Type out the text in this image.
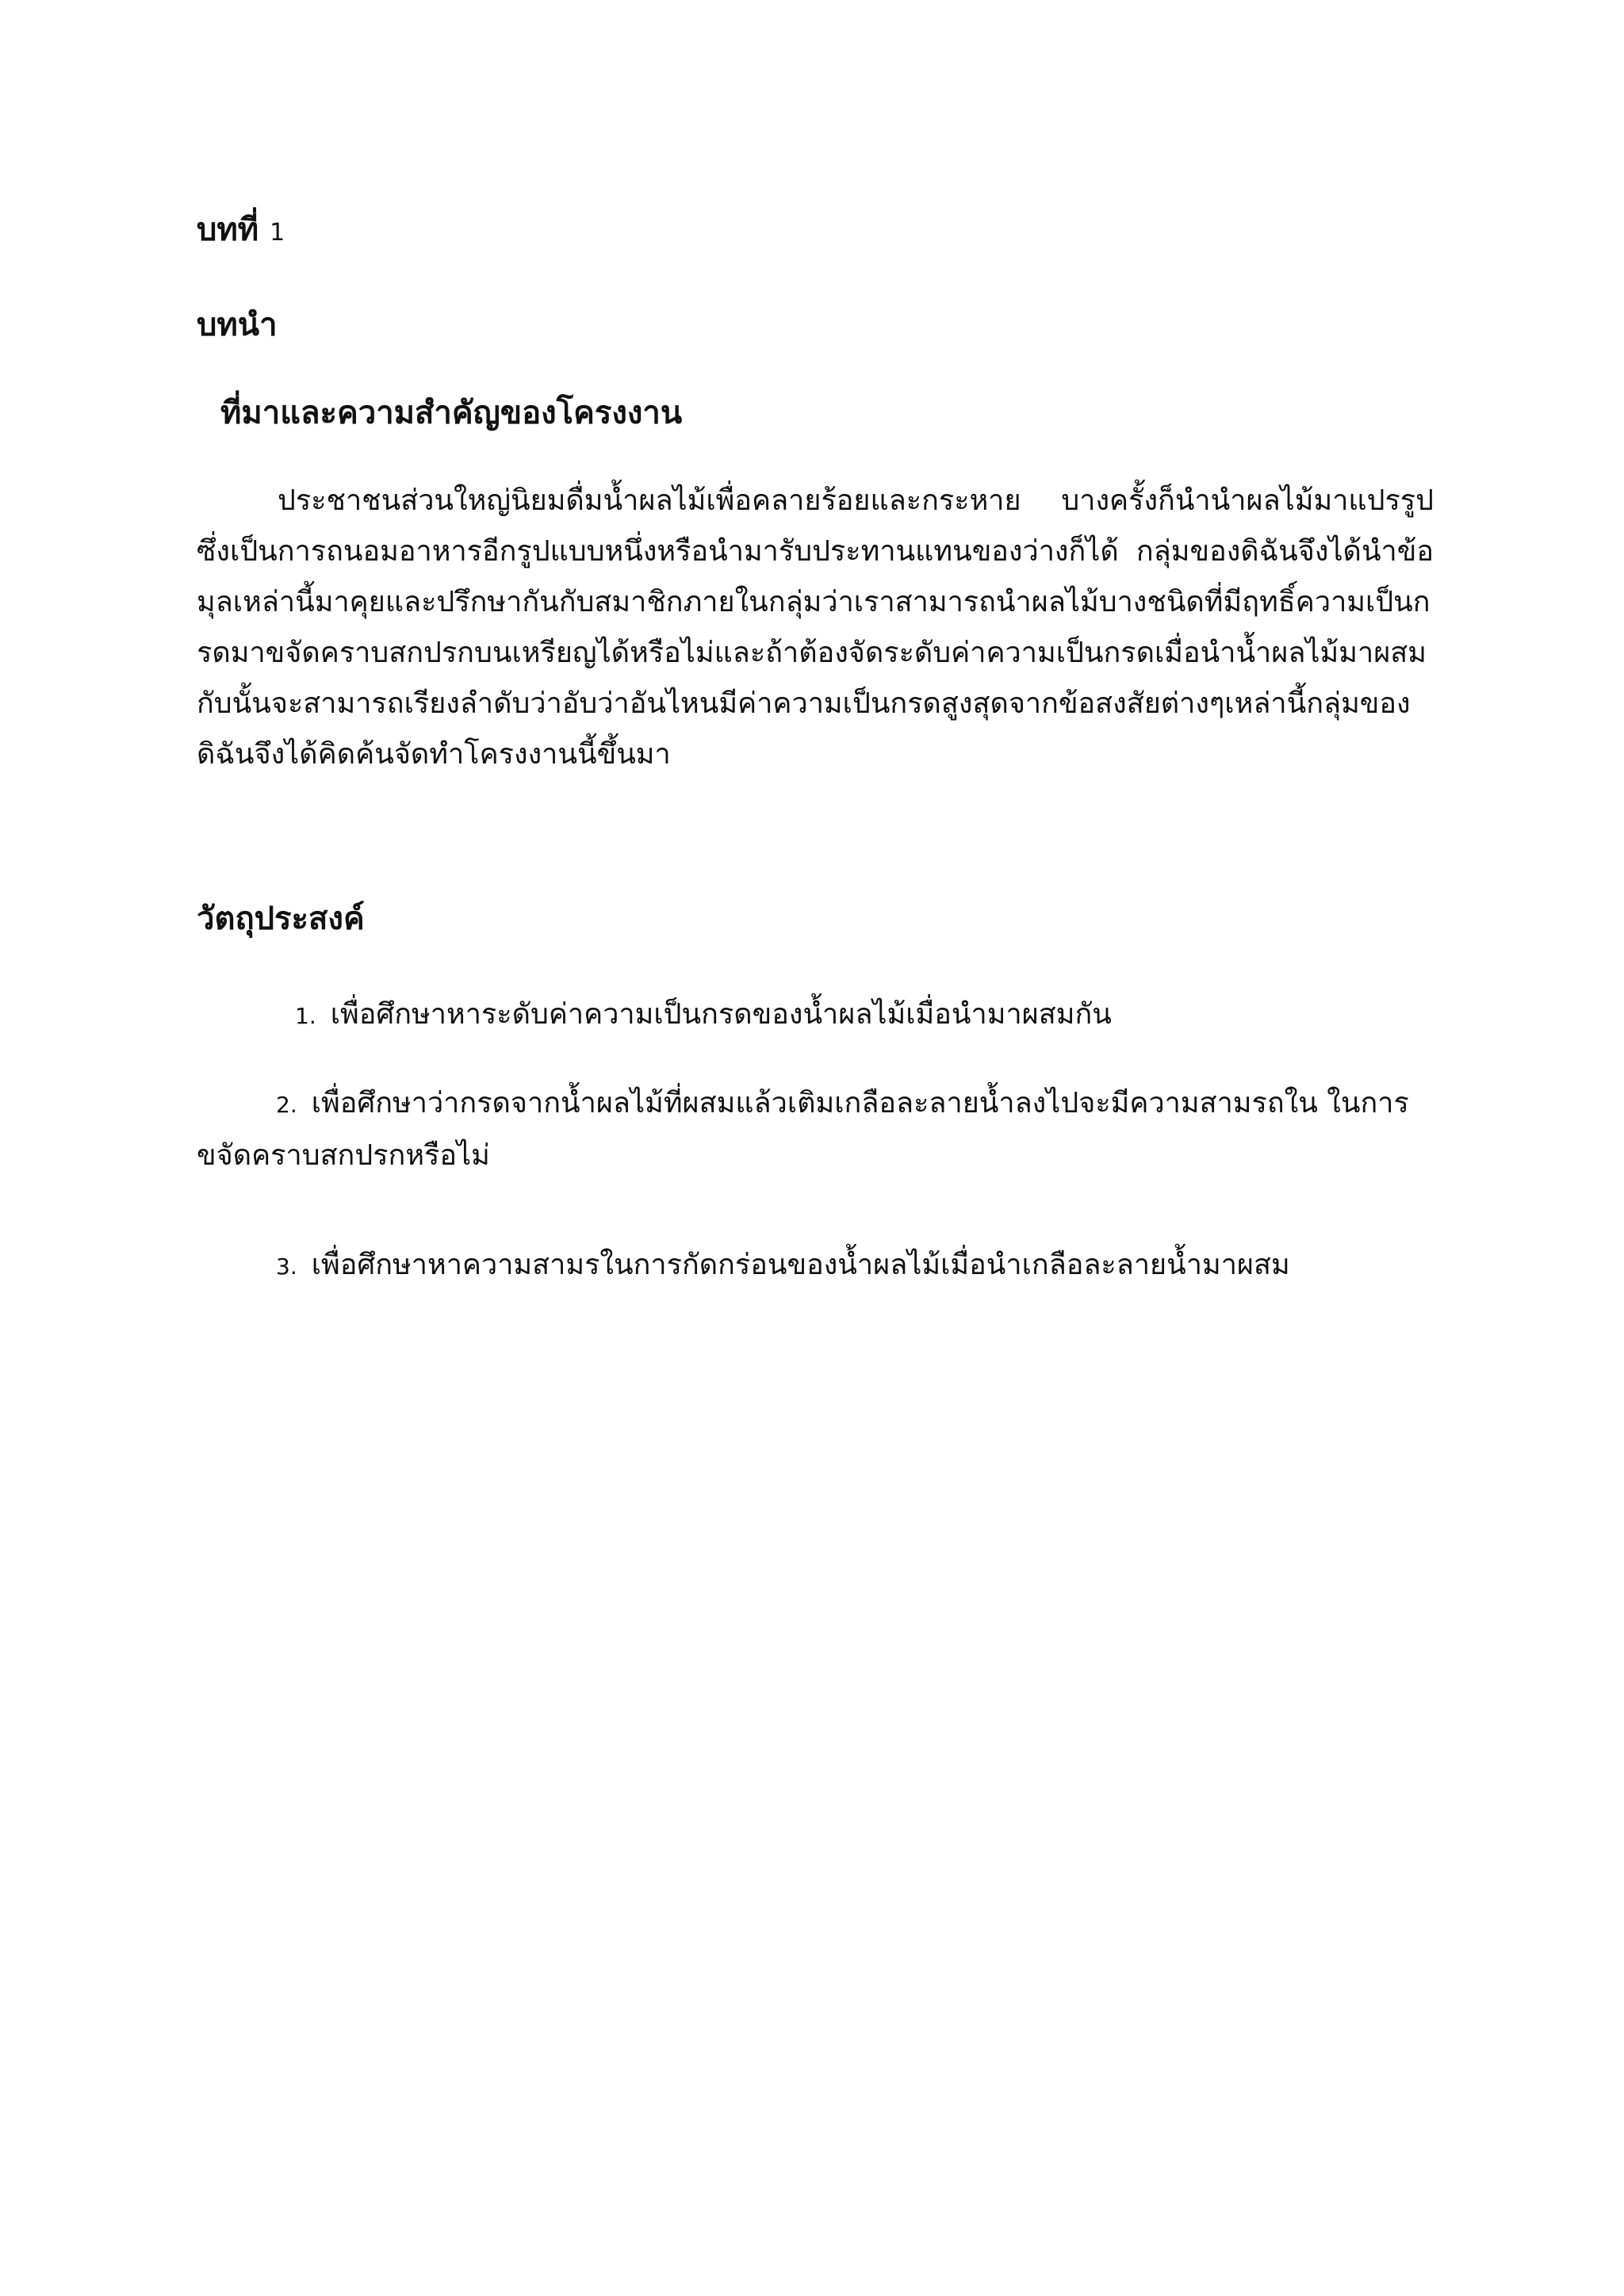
บทที่ 1
บทนำ
ที่มาและความสำคัญของโครงงาน

ประชาชนส่วนใหญ่นิยมดื่มน้ำผลไม้เพื่อคลายร้อยและกระหาย บางครั้งก็นำนำผลไม้มาแปรรูปซึ่งเป็นการถนอมอาหารอีกรูปแบบหนึ่งหรือนำมารับประทานแทนของว่างก็ได้ กลุ่มของดิฉันจึงได้นำข้อมุลเหล่านี้มาคุยและปรึกษากันกับสมาชิกภายในกลุ่มว่าเราสามารถนำผลไม้บางชนิดที่มีฤทธิ์ความเป็นกรดมาขจัดคราบสกปรกบนเหรียญได้หรือไม่และถ้าต้องจัดระดับค่าความเป็นกรดเมื่อนำน้ำผลไม้มาผสมกับนั้นจะสามารถเรียงลำดับว่าอับว่าอันไหนมีค่าความเป็นกรดสูงสุดจากข้อสงสัยต่างๆเหล่านี้กลุ่มของดิฉันจึงได้คิดค้นจัดทำโครงงานนี้ขึ้นมา

วัตถุประสงค์

1. เพื่อศึกษาหาระดับค่าความเป็นกรดของน้ำผลไม้เมื่อนำมาผสมกัน

2. เพื่อศึกษาว่ากรดจากน้ำผลไม้ที่ผสมแล้วเติมเกลือละลายน้ำลงไปจะมีความสามรถใน ในการขจัดคราบสกปรกหรือไม่

3. เพื่อศึกษาหาความสามรในการกัดกร่อนของน้ำผลไม้เมื่อนำเกลือละลายน้ำมาผสม
